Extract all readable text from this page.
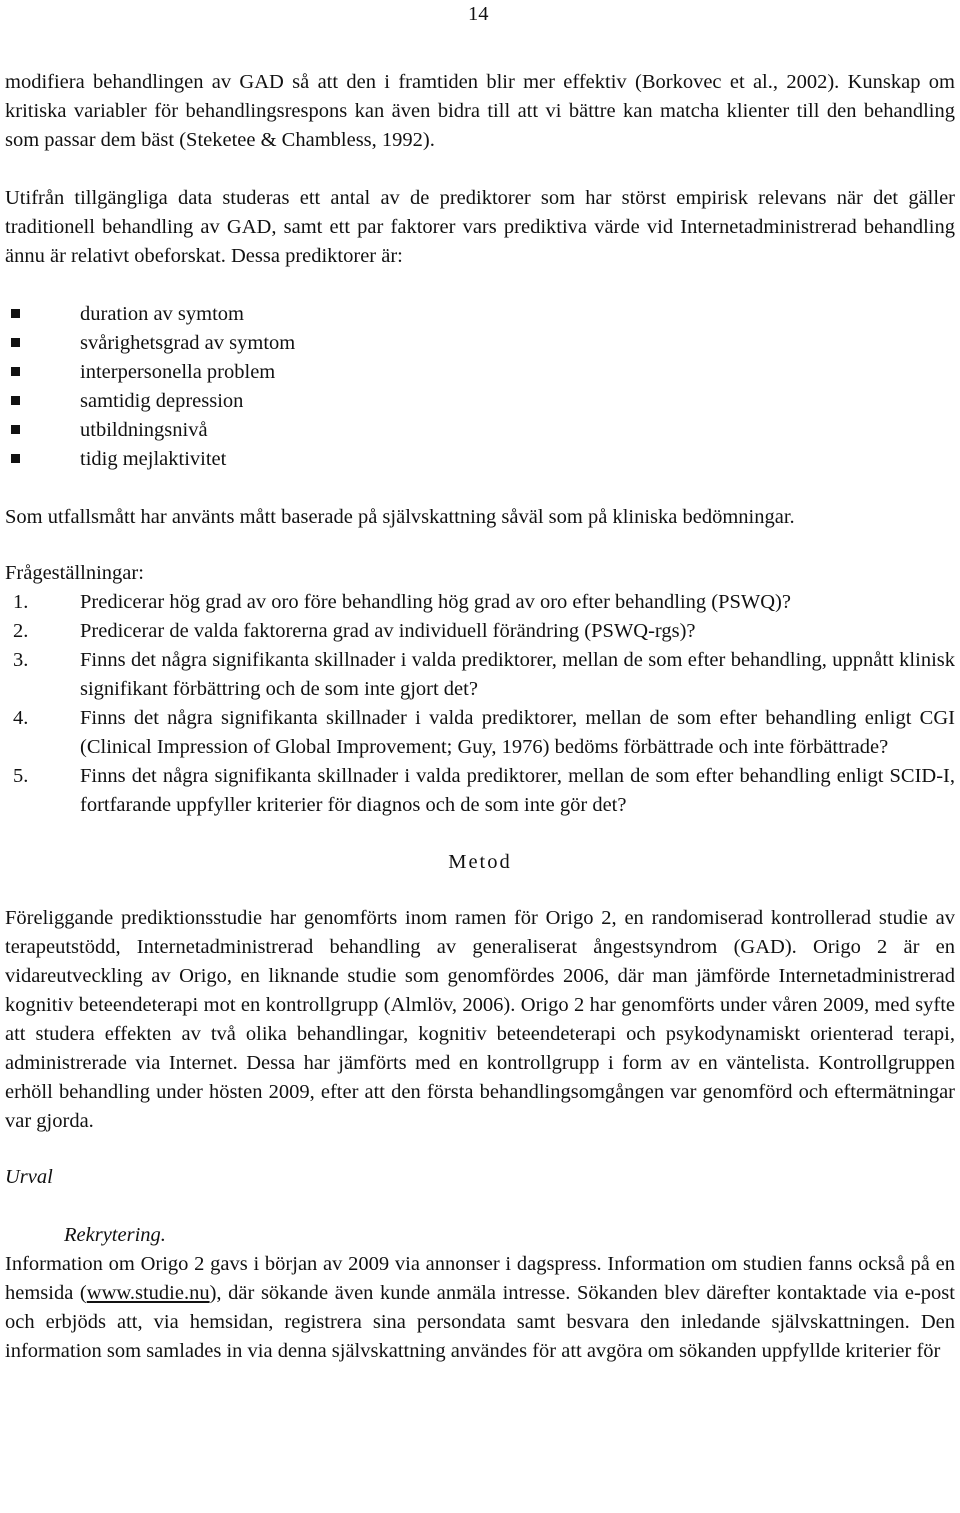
14

modifiera behandlingen av GAD så att den i framtiden blir mer effektiv (Borkovec et al., 2002). Kunskap om kritiska variabler för behandlingsrespons kan även bidra till att vi bättre kan matcha klienter till den behandling som passar dem bäst (Steketee & Chambless, 1992).

Utifrån tillgängliga data studeras ett antal av de prediktorer som har störst empirisk relevans när det gäller traditionell behandling av GAD, samt ett par faktorer vars prediktiva värde vid Internetadministrerad behandling ännu är relativt obeforskat. Dessa prediktorer är:

duration av symtom
svårighetsgrad av symtom
interpersonella problem
samtidig depression
utbildningsnivå
tidig mejlaktivitet

Som utfallsmått har använts mått baserade på självskattning såväl som på kliniska bedömningar.

Frågeställningar:
1.	Predicerar hög grad av oro före behandling hög grad av oro efter behandling (PSWQ)?
2.	Predicerar de valda faktorerna grad av individuell förändring (PSWQ-rgs)?
3.	Finns det några signifikanta skillnader i valda prediktorer, mellan de som efter behandling, uppnått klinisk signifikant förbättring och de som inte gjort det?
4.	Finns det några signifikanta skillnader i valda prediktorer, mellan de som efter behandling enligt CGI (Clinical Impression of Global Improvement; Guy, 1976) bedöms förbättrade och inte förbättrade?
5.	Finns det några signifikanta skillnader i valda prediktorer, mellan de som efter behandling enligt SCID-I, fortfarande uppfyller kriterier för diagnos och de som inte gör det?
Metod

Föreliggande prediktionsstudie har genomförts inom ramen för Origo 2, en randomiserad kontrollerad studie av terapeutstödd, Internetadministrerad behandling av generaliserat ångestsyndrom (GAD). Origo 2 är en vidareutveckling av Origo, en liknande studie som genomfördes 2006, där man jämförde Internetadministrerad kognitiv beteendeterapi mot en kontrollgrupp (Almlöv, 2006). Origo 2 har genomförts under våren 2009, med syfte att studera effekten av två olika behandlingar, kognitiv beteendeterapi och psykodynamiskt orienterad terapi, administrerade via Internet. Dessa har jämförts med en kontrollgrupp i form av en väntelista. Kontrollgruppen erhöll behandling under hösten 2009, efter att den första behandlingsomgången var genomförd och eftermätningar var gjorda.

Urval
Rekrytering.

Information om Origo 2 gavs i början av 2009 via annonser i dagspress. Information om studien fanns också på en hemsida (www.studie.nu), där sökande även kunde anmäla intresse. Sökanden blev därefter kontaktade via e-post och erbjöds att, via hemsidan, registrera sina persondata samt besvara den inledande självskattningen. Den information som samlades in via denna självskattning användes för att avgöra om sökanden uppfyllde kriterier för
